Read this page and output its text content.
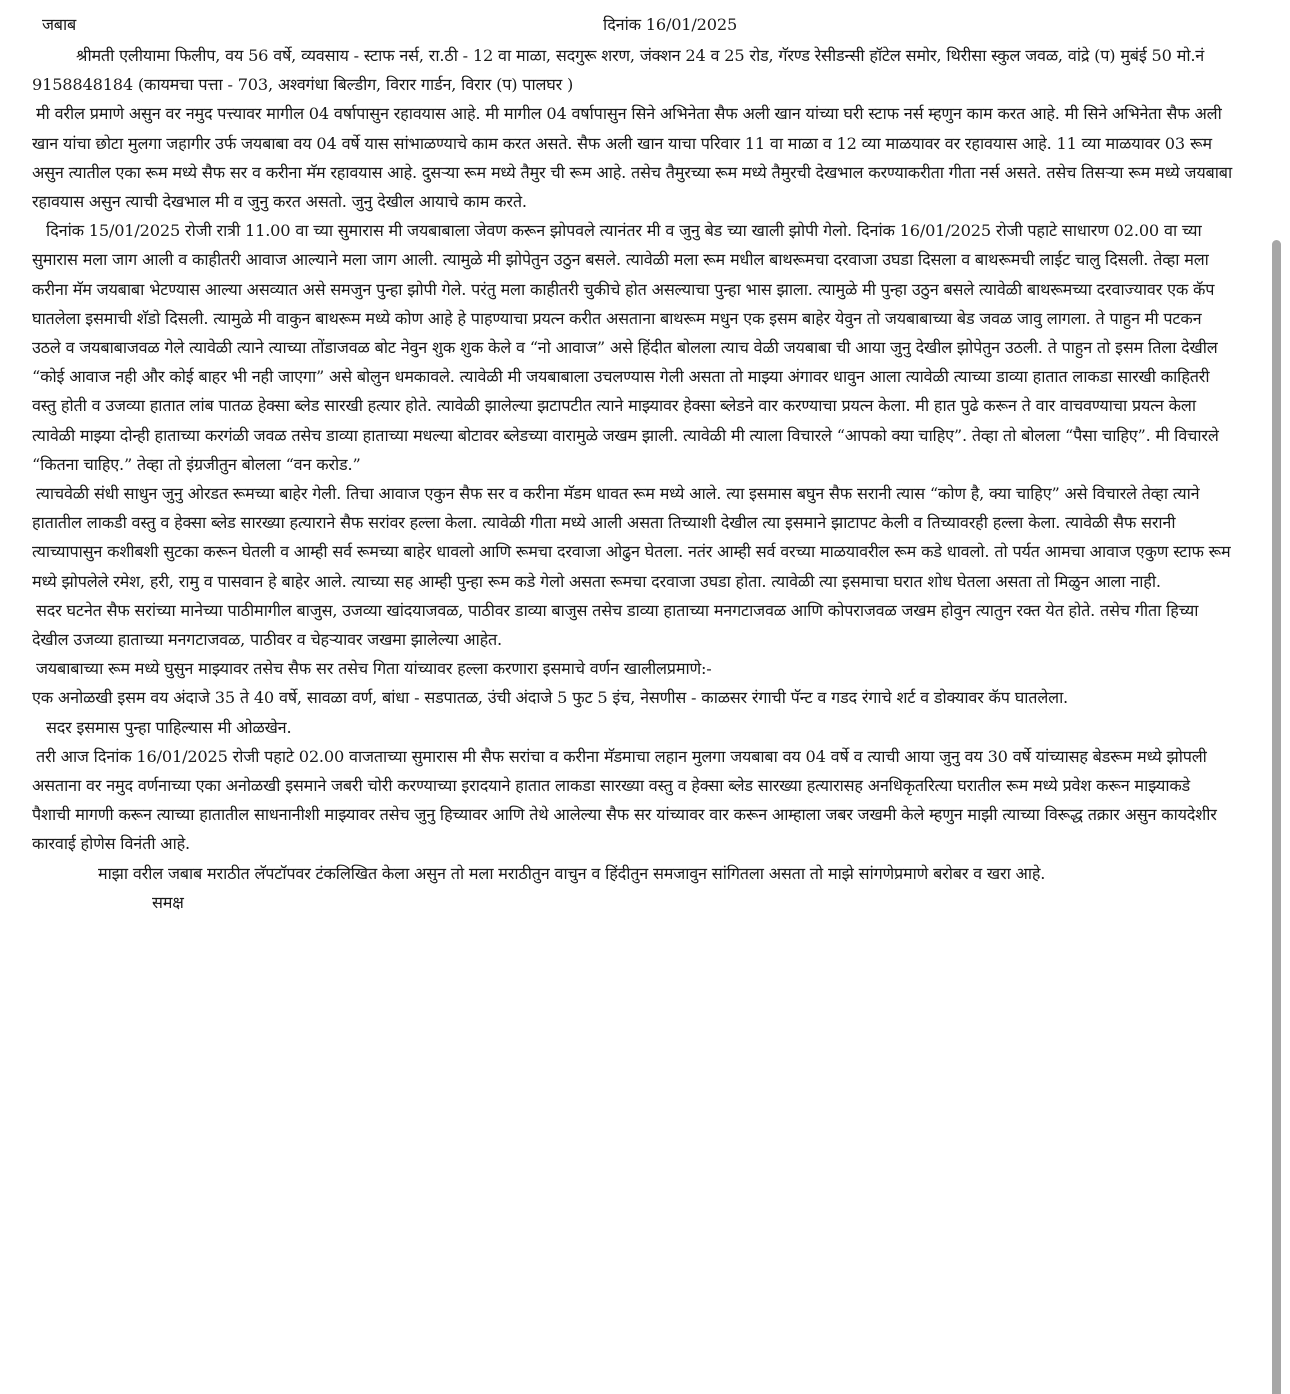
जबाब	दिनांक 16/01/2025

श्रीमती एलीयामा फिलीप, वय 56 वर्षे, व्यवसाय - स्टाफ नर्स, रा.ठी - 12 वा माळा, सदगुरू शरण, जंक्शन 24 व 25 रोड, गॅरण्ड रेसीडन्सी हॉटेल समोर, थिरीसा स्कुल जवळ, वांद्रे (प) मुबंई 50 मो.नं 9158848184 (कायमचा पत्ता - 703, अश्वगंधा बिल्डीग, विरार गार्डन, विरार (प) पालघर )

मी वरील प्रमाणे असुन वर नमुद पत्त्यावर मागील 04 वर्षापासुन रहावयास आहे. मी मागील 04 वर्षापासुन सिने अभिनेता सैफ अली खान यांच्या घरी स्टाफ नर्स म्हणुन काम करत आहे. मी सिने अभिनेता सैफ अली खान यांचा छोटा मुलगा जहागीर उर्फ जयबाबा वय 04 वर्षे यास सांभाळण्याचे काम करत असते. सैफ अली खान याचा परिवार 11 वा माळा व 12 व्या माळयावर वर रहावयास आहे. 11 व्या माळयावर 03 रूम असुन त्यातील एका रूम मध्ये सैफ सर व करीना मॅम रहावयास आहे. दुसर्‍या रूम मध्ये तैमुर ची रूम आहे. तसेच तैमुरच्या रूम मध्ये तैमुरची देखभाल करण्याकरीता गीता नर्स असते. तसेच तिसर्‍या रूम मध्ये जयबाबा रहावयास असुन त्याची देखभाल मी व जुनु करत असतो. जुनु देखील आयाचे काम करते.

दिनांक 15/01/2025 रोजी रात्री 11.00 वा च्या सुमारास मी जयबाबाला जेवण करून झोपवले त्यानंतर मी व जुनु बेड च्या खाली झोपी गेलो. दिनांक 16/01/2025 रोजी पहाटे साधारण 02.00 वा च्या सुमारास मला जाग आली व काहीतरी आवाज आल्याने मला जाग आली. त्यामुळे मी झोपेतुन उठुन बसले. त्यावेळी मला रूम मधील बाथरूमचा दरवाजा उघडा दिसला व बाथरूमची लाईट चालु दिसली. तेव्हा मला करीना मॅम जयबाबा भेटण्यास आल्या असव्यात असे समजुन पुन्हा झोपी गेले. परंतु मला काहीतरी चुकीचे होत असल्याचा पुन्हा भास झाला. त्यामुळे मी पुन्हा उठुन बसले त्यावेळी बाथरूमच्या दरवाज्यावर एक कॅप घातलेला इसमाची शॅडो दिसली. त्यामुळे मी वाकुन बाथरूम मध्ये कोण आहे हे पाहण्याचा प्रयत्न करीत असताना बाथरूम मधुन एक इसम बाहेर येवुन तो जयबाबाच्या बेड जवळ जावु लागला. ते पाहुन मी पटकन उठले व जयबाबाजवळ गेले त्यावेळी त्याने त्याच्या तोंडाजवळ बोट नेवुन शुक शुक केले व “नो आवाज” असे हिंदीत बोलला त्याच वेळी जयबाबा ची आया जुनु देखील झोपेतुन उठली. ते पाहुन तो इसम तिला देखील “कोई आवाज नही और कोई बाहर भी नही जाएगा” असे बोलुन धमकावले. त्यावेळी मी जयबाबाला उचलण्यास गेली असता तो माझ्या अंगावर धावुन आला त्यावेळी त्याच्या डाव्या हातात लाकडा सारखी काहितरी वस्तु होती व उजव्या हातात लांब पातळ हेक्सा ब्लेड सारखी हत्यार होते. त्यावेळी झालेल्या झटापटीत त्याने माझ्यावर हेक्सा ब्लेडने वार करण्याचा प्रयत्न केला. मी हात पुढे करून ते वार वाचवण्याचा प्रयत्न केला त्यावेळी माझ्या दोन्ही हाताच्या करगंळी जवळ तसेच डाव्या हाताच्या मधल्या बोटावर ब्लेडच्या वारामुळे जखम झाली. त्यावेळी मी त्याला विचारले “आपको क्या चाहिए”. तेव्हा तो बोलला “पैसा चाहिए”. मी विचारले “कितना चाहिए.” तेव्हा तो इंग्रजीतुन बोलला “वन करोड.”

त्याचवेळी संधी साधुन जुनु ओरडत रूमच्या बाहेर गेली. तिचा आवाज एकुन सैफ सर व करीना मॅडम धावत रूम मध्ये आले. त्या इसमास बघुन सैफ सरानी त्यास “कोण है, क्या चाहिए” असे विचारले तेव्हा त्याने हातातील लाकडी वस्तु व हेक्सा ब्लेड सारख्या हत्याराने सैफ सरांवर हल्ला केला. त्यावेळी गीता मध्ये आली असता तिच्याशी देखील त्या इसमाने झाटापट केली व तिच्यावरही हल्ला केला. त्यावेळी सैफ सरानी त्याच्यापासुन कशीबशी सुटका करून घेतली व आम्ही सर्व रूमच्या बाहेर धावलो आणि रूमचा दरवाजा ओढुन घेतला. नतंर आम्ही सर्व वरच्या माळयावरील रूम कडे धावलो. तो पर्यत आमचा आवाज एकुण स्टाफ रूम मध्ये झोपलेले रमेश, हरी, रामु व पासवान हे बाहेर आले. त्याच्या सह आम्ही पुन्हा रूम कडे गेलो असता रूमचा दरवाजा उघडा होता. त्यावेळी त्या इसमाचा घरात शोध घेतला असता तो मिळुन आला नाही.

सदर घटनेत सैफ सरांच्या मानेच्या पाठीमागील बाजुस, उजव्या खांदयाजवळ, पाठीवर डाव्या बाजुस तसेच डाव्या हाताच्या मनगटाजवळ आणि कोपराजवळ जखम होवुन त्यातुन रक्त येत होते. तसेच गीता हिच्या देखील उजव्या हाताच्या मनगटाजवळ, पाठीवर व चेहर्‍यावर जखमा झालेल्या आहेत.

जयबाबाच्या रूम मध्ये घुसुन माझ्यावर तसेच सैफ सर तसेच गिता यांच्यावर हल्ला करणारा इसमाचे वर्णन खालीलप्रमाणे:-

एक अनोळखी इसम वय अंदाजे 35 ते 40 वर्षे, सावळा वर्ण, बांधा - सडपातळ, उंची अंदाजे 5 फुट 5 इंच, नेसणीस - काळसर रंगाची पॅन्ट व गडद रंगाचे शर्ट व डोक्यावर कॅप घातलेला.

सदर इसमास पुन्हा पाहिल्यास मी ओळखेन.

तरी आज दिनांक 16/01/2025 रोजी पहाटे 02.00 वाजताच्या सुमारास मी सैफ सरांचा व करीना मॅडमाचा लहान मुलगा जयबाबा वय 04 वर्षे व त्याची आया जुनु वय 30 वर्षे यांच्यासह बेडरूम मध्ये झोपली असताना वर नमुद वर्णनाच्या एका अनोळखी इसमाने जबरी चोरी करण्याच्या इरादयाने हातात लाकडा सारख्या वस्तु व हेक्सा ब्लेड सारख्या हत्यारासह अनधिकृतरित्या घरातील रूम मध्ये प्रवेश करून माझ्याकडे पैशाची मागणी करून त्याच्या हातातील साधनानीशी माझ्यावर तसेच जुनु हिच्यावर आणि तेथे आलेल्या सैफ सर यांच्यावर वार करून आम्हाला जबर जखमी केले म्हणुन माझी त्याच्या विरूद्ध तक्रार असुन कायदेशीर कारवाई होणेस विनंती आहे.

माझा वरील जबाब मराठीत लॅपटॉपवर टंकलिखित केला असुन तो मला मराठीतुन वाचुन व हिंदीतुन समजावुन सांगितला असता तो माझे सांगणेप्रमाणे बरोबर व खरा आहे.

समक्ष
